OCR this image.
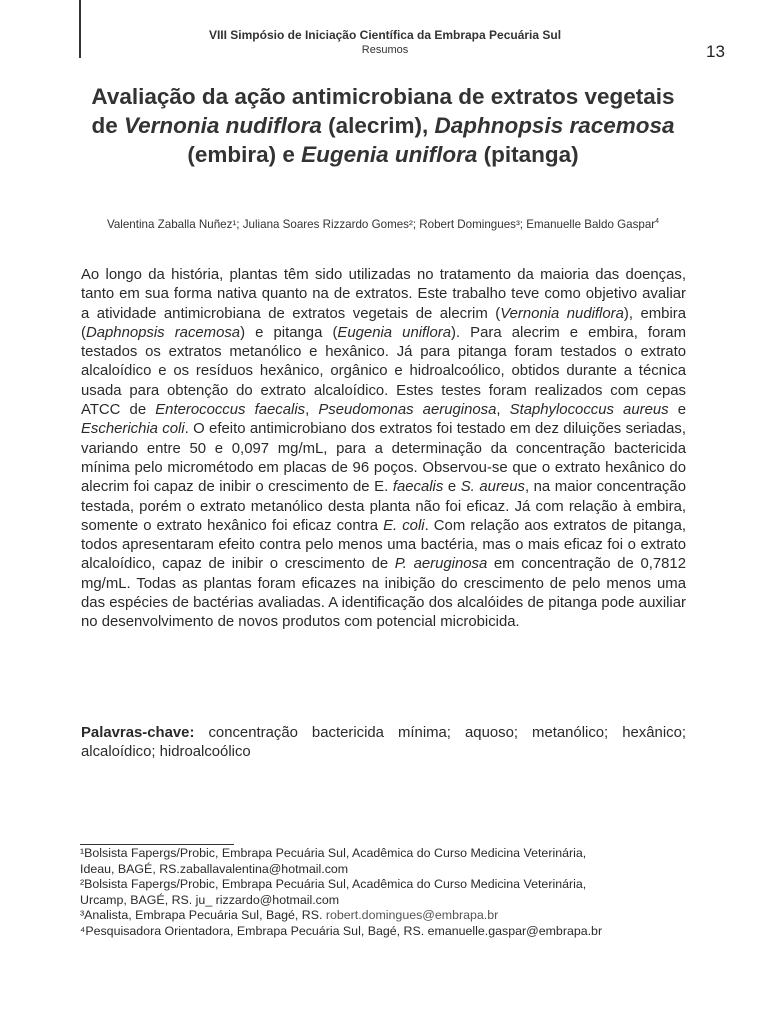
VIII Simpósio de Iniciação Científica da Embrapa Pecuária Sul
Resumos	13
Avaliação da ação antimicrobiana de extratos vegetais de Vernonia nudiflora (alecrim), Daphnopsis racemosa (embira) e Eugenia uniflora (pitanga)
Valentina Zaballa Nuñez¹; Juliana Soares Rizzardo Gomes²; Robert Domingues³; Emanuelle Baldo Gaspar$^4$
Ao longo da história, plantas têm sido utilizadas no tratamento da maioria das doenças, tanto em sua forma nativa quanto na de extratos. Este trabalho teve como objetivo avaliar a atividade antimicrobiana de extratos vegetais de alecrim (Vernonia nudiflora), embira (Daphnopsis racemosa) e pitanga (Eugenia uniflora). Para alecrim e embira, foram testados os extratos metanólico e hexânico. Já para pitanga foram testados o extrato alcaloídico e os resíduos hexânico, orgânico e hidroalcoólico, obtidos durante a técnica usada para obtenção do extrato alcaloídico. Estes testes foram realizados com cepas ATCC de Enterococcus faecalis, Pseudomonas aeruginosa, Staphylococcus aureus e Escherichia coli. O efeito antimicrobiano dos extratos foi testado em dez diluições seriadas, variando entre 50 e 0,097 mg/mL, para a determinação da concentração bactericida mínima pelo micrométodo em placas de 96 poços. Observou-se que o extrato hexânico do alecrim foi capaz de inibir o crescimento de E. faecalis e S. aureus, na maior concentração testada, porém o extrato metanólico desta planta não foi eficaz. Já com relação à embira, somente o extrato hexânico foi eficaz contra E. coli. Com relação aos extratos de pitanga, todos apresentaram efeito contra pelo menos uma bactéria, mas o mais eficaz foi o extrato alcaloídico, capaz de inibir o crescimento de P. aeruginosa em concentração de 0,7812 mg/mL. Todas as plantas foram eficazes na inibição do crescimento de pelo menos uma das espécies de bactérias avaliadas. A identificação dos alcalóides de pitanga pode auxiliar no desenvolvimento de novos produtos com potencial microbicida.
Palavras-chave: concentração bactericida mínima; aquoso; metanólico; hexânico; alcaloídico; hidroalcoólico

¹Bolsista Fapergs/Probic, Embrapa Pecuária Sul, Acadêmica do Curso Medicina Veterinária,

Ideau, BAGÉ, RS.zaballavalentina@hotmail.com

²Bolsista Fapergs/Probic, Embrapa Pecuária Sul, Acadêmica do Curso Medicina Veterinária,

Urcamp, BAGÉ, RS. ju_ rizzardo@hotmail.com

³Analista, Embrapa Pecuária Sul, Bagé, RS. robert.domingues@embrapa.br

⁴Pesquisadora Orientadora, Embrapa Pecuária Sul, Bagé, RS. emanuelle.gaspar@embrapa.br
